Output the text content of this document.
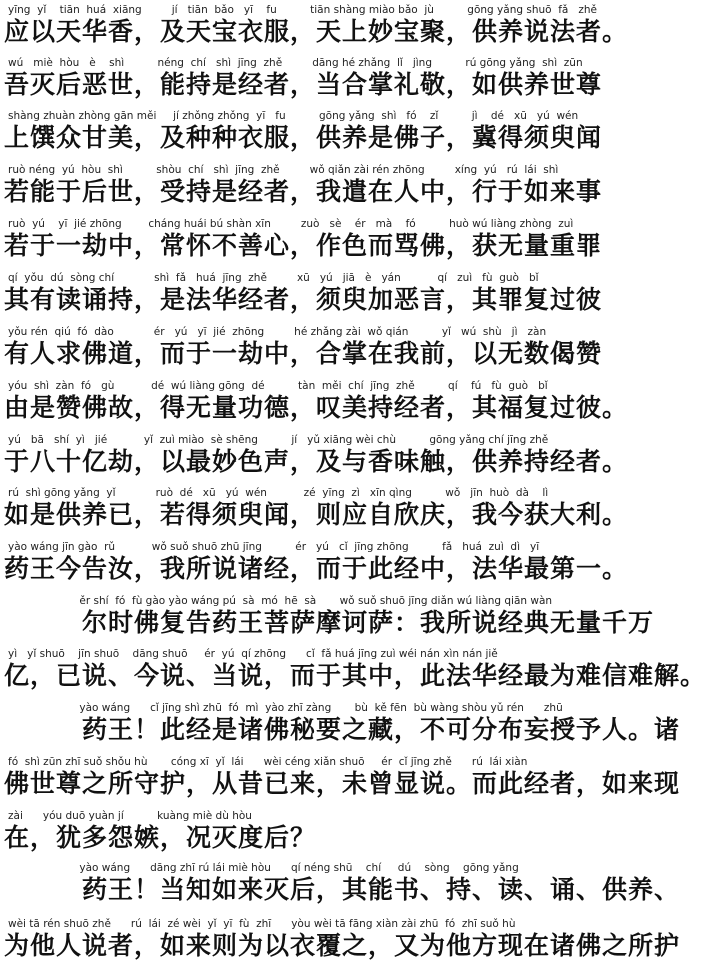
yīng  yǐ    tiān  huá  xiāng         jí   tiān  bǎo   yī    fu          tiān shàng miào bǎo  jù          gōng yǎng shuō  fǎ   zhě
应以天华香，及天宝衣服，天上妙宝聚，供养说法者。
wú   miè  hòu   è    shì          néng  chí   shì  jīng  zhě         dāng hé zhǎng  lǐ   jìng          rú gōng yǎng  shì  zūn
吾灭后恶世，能持是经者，当合掌礼敬，如供养世尊
shàng zhuàn zhòng gān měi     jí zhǒng zhǒng  yī   fu          gōng yǎng  shì   fó    zǐ          jì    dé   xū   yú  wén
上馔众甘美，及种种衣服，供养是佛子，冀得须臾闻
ruò néng  yú  hòu  shì          shòu  chí   shì  jīng  zhě         wǒ qiǎn zài rén zhōng         xíng  yú   rú  lái  shì
若能于后世，受持是经者，我遣在人中，行于如来事
ruò  yú    yī  jié zhōng        cháng huái bú shàn xīn         zuò   sè    ér   mà    fó          huò wú liàng zhòng  zuì
若于一劫中，常怀不善心，作色而骂佛，获无量重罪
qí  yǒu  dú  sòng chí            shì  fǎ   huá  jīng  zhě         xū   yú   jiā   è   yán           qí   zuì   fù  guò   bǐ
其有读诵持，是法华经者，须臾加恶言，其罪复过彼
yǒu rén  qiú  fó  dào            ér   yú   yī  jié  zhōng         hé zhǎng zài  wǒ qián          yǐ   wú  shù   jì   zàn
有人求佛道，而于一劫中，合掌在我前，以无数偈赞
yóu  shì  zàn  fó   gù           dé  wú liàng gōng  dé          tàn  měi  chí  jīng  zhě          qí    fú   fù  guò   bǐ
由是赞佛故，得无量功德，叹美持经者，其福复过彼。
yú   bā   shí  yì   jié           yǐ  zuì miào  sè shēng          jí   yǔ xiāng wèi chù          gōng yǎng chí jīng zhě
于八十亿劫，以最妙色声，及与香味触，供养持经者。
rú  shì gōng yǎng  yǐ            ruò  dé   xū   yú  wén           zé  yīng  zì   xīn qìng          wǒ   jīn  huò  dà    lì
如是供养已，若得须臾闻，则应自欣庆，我今获大利。
yào wáng jīn gào  rǔ           wǒ suǒ shuō zhū jīng          ér   yú   cǐ  jīng zhōng          fǎ   huá  zuì  dì   yī
药王今告汝，我所说诸经，而于此经中，法华最第一。
ěr shí  fó  fù gào yào wáng pú  sà  mó  hē  sà       wǒ suǒ shuō jīng diǎn wú liàng qiān wàn
　尔时佛复告药王菩萨摩诃萨：我所说经典无量千万
yì   yǐ shuō    jīn shuō    dāng shuō     ér  yú  qí zhōng      cǐ  fǎ huá jīng zuì wéi nán xìn nán jiě
亿，已说、今说、当说，而于其中，此法华经最为难信难解。
yào wáng      cǐ jīng shì zhū  fó  mì  yào zhī zàng       bù  kě fēn  bù wàng shòu yǔ rén      zhū
　药王！此经是诸佛秘要之藏，不可分布妄授予人。诸
fó  shì zūn zhī suǒ shǒu hù       cóng xī  yǐ  lái      wèi céng xiǎn shuō     ér  cǐ jīng zhě      rú  lái xiàn
佛世尊之所守护，从昔已来，未曾显说。而此经者，如来现
zài      yóu duō yuàn jí          kuàng miè dù hòu
在，犹多怨嫉，况灭度后？
yào wáng      dāng zhī rú lái miè hòu      qí néng shū    chí     dú    sòng    gōng yǎng
　药王！当知如来灭后，其能书、持、读、诵、供养、
wèi tā rén shuō zhě      rú  lái  zé wèi  yǐ  yī  fù  zhī      yòu wèi tā fāng xiàn zài zhū  fó  zhī suǒ hù
为他人说者，如来则为以衣覆之，又为他方现在诸佛之所护
